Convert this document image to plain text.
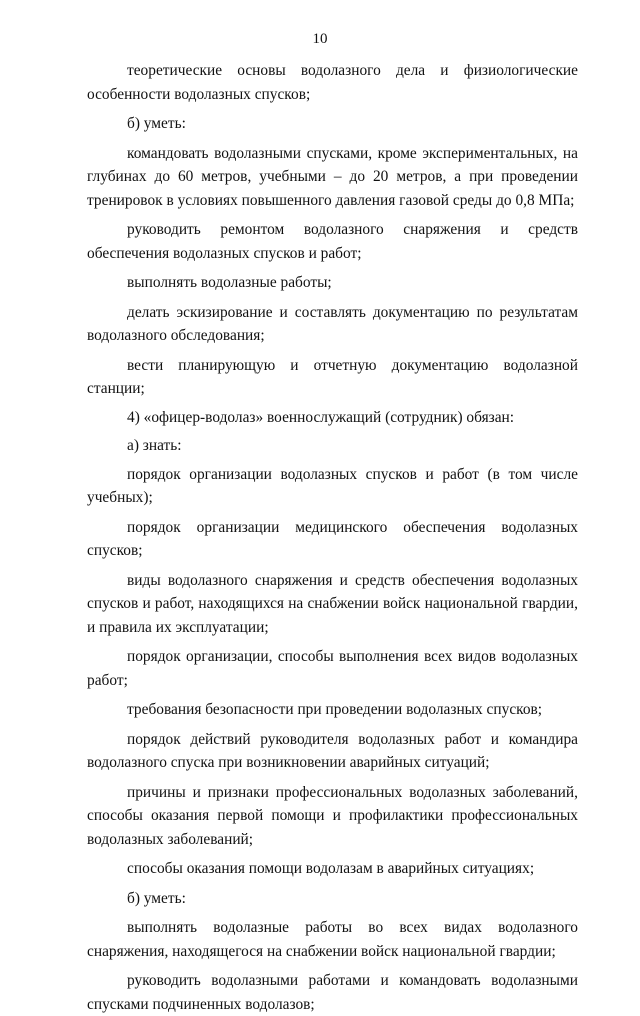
10

теоретические основы водолазного дела и физиологические особенности водолазных спусков;

б) уметь:

командовать водолазными спусками, кроме экспериментальных, на глубинах до 60 метров, учебными – до 20 метров, а при проведении тренировок в условиях повышенного давления газовой среды до 0,8 МПа;

руководить ремонтом водолазного снаряжения и средств обеспечения водолазных спусков и работ;

выполнять водолазные работы;

делать эскизирование и составлять документацию по результатам водолазного обследования;

вести планирующую и отчетную документацию водолазной станции;

4) «офицер-водолаз» военнослужащий (сотрудник) обязан:

а) знать:

порядок организации водолазных спусков и работ (в том числе учебных);

порядок организации медицинского обеспечения водолазных спусков;

виды водолазного снаряжения и средств обеспечения водолазных спусков и работ, находящихся на снабжении войск национальной гвардии, и правила их эксплуатации;

порядок организации, способы выполнения всех видов водолазных работ;

требования безопасности при проведении водолазных спусков;

порядок действий руководителя водолазных работ и командира водолазного спуска при возникновении аварийных ситуаций;

причины и признаки профессиональных водолазных заболеваний, способы оказания первой помощи и профилактики профессиональных водолазных заболеваний;

способы оказания помощи водолазам в аварийных ситуациях;

б) уметь:

выполнять водолазные работы во всех видах водолазного снаряжения, находящегося на снабжении войск национальной гвардии;

руководить водолазными работами и командовать водолазными спусками подчиненных водолазов;
